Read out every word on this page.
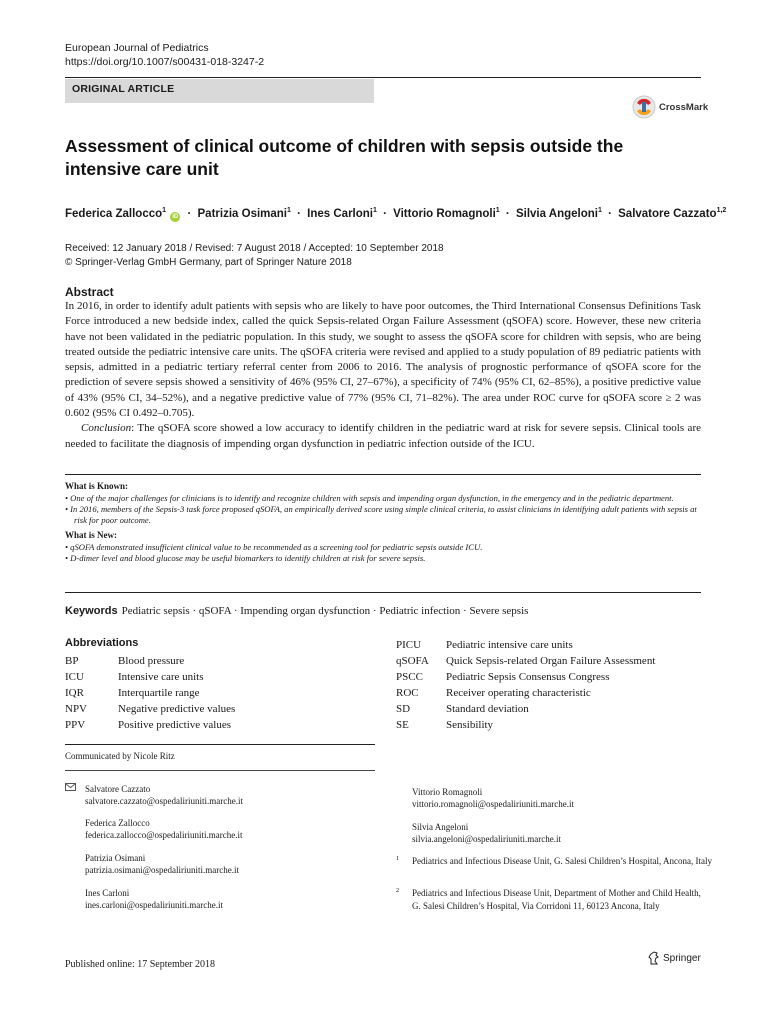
European Journal of Pediatrics
https://doi.org/10.1007/s00431-018-3247-2
ORIGINAL ARTICLE
CrossMark
Assessment of clinical outcome of children with sepsis outside the intensive care unit
Federica Zallocco$^1$ iD · Patrizia Osimani$^1$ · Ines Carloni$^1$ · Vittorio Romagnoli$^1$ · Silvia Angeloni$^1$ · Salvatore Cazzato$^{1,2}$
Received: 12 January 2018 / Revised: 7 August 2018 / Accepted: 10 September 2018
© Springer-Verlag GmbH Germany, part of Springer Nature 2018
Abstract

In 2016, in order to identify adult patients with sepsis who are likely to have poor outcomes, the Third International Consensus Definitions Task Force introduced a new bedside index, called the quick Sepsis-related Organ Failure Assessment (qSOFA) score. However, these new criteria have not been validated in the pediatric population. In this study, we sought to assess the qSOFA score for children with sepsis, who are being treated outside the pediatric intensive care units. The qSOFA criteria were revised and applied to a study population of 89 pediatric patients with sepsis, admitted in a pediatric tertiary referral center from 2006 to 2016. The analysis of prognostic performance of qSOFA score for the prediction of severe sepsis showed a sensitivity of 46% (95% CI, 27–67%), a specificity of 74% (95% CI, 62–85%), a positive predictive value of 43% (95% CI, 34–52%), and a negative predictive value of 77% (95% CI, 71–82%). The area under ROC curve for qSOFA score ≥ 2 was 0.602 (95% CI 0.492–0.705).

Conclusion: The qSOFA score showed a low accuracy to identify children in the pediatric ward at risk for severe sepsis. Clinical tools are needed to facilitate the diagnosis of impending organ dysfunction in pediatric infection outside of the ICU.

What is Known:
• One of the major challenges for clinicians is to identify and recognize children with sepsis and impending organ dysfunction, in the emergency and in the pediatric department.
• In 2016, members of the Sepsis-3 task force proposed qSOFA, an empirically derived score using simple clinical criteria, to assist clinicians in identifying adult patients with sepsis at risk for poor outcome.
What is New:
• qSOFA demonstrated insufficient clinical value to be recommended as a screening tool for pediatric sepsis outside ICU.
• D-dimer level and blood glucose may be useful biomarkers to identify children at risk for severe sepsis.
Keywords Pediatric sepsis · qSOFA · Impending organ dysfunction · Pediatric infection · Severe sepsis
Abbreviations
BP	Blood pressure
ICU	Intensive care units
IQR	Interquartile range
NPV	Negative predictive values
PPV	Positive predictive values
PICU	Pediatric intensive care units
qSOFA	Quick Sepsis-related Organ Failure Assessment
PSCC	Pediatric Sepsis Consensus Congress
ROC	Receiver operating characteristic
SD	Standard deviation
SE	Sensibility
Communicated by Nicole Ritz
Salvatore Cazzato
salvatore.cazzato@ospedaliriuniti.marche.it
Federica Zallocco
federica.zallocco@ospedaliriuniti.marche.it
Patrizia Osimani
patrizia.osimani@ospedaliriuniti.marche.it
Ines Carloni
ines.carloni@ospedaliriuniti.marche.it
Vittorio Romagnoli
vittorio.romagnoli@ospedaliriuniti.marche.it
Silvia Angeloni
silvia.angeloni@ospedaliriuniti.marche.it
1 Pediatrics and Infectious Disease Unit, G. Salesi Children’s Hospital, Ancona, Italy
2 Pediatrics and Infectious Disease Unit, Department of Mother and Child Health, G. Salesi Children’s Hospital, Via Corridoni 11, 60123 Ancona, Italy
Published online: 17 September 2018
Springer
